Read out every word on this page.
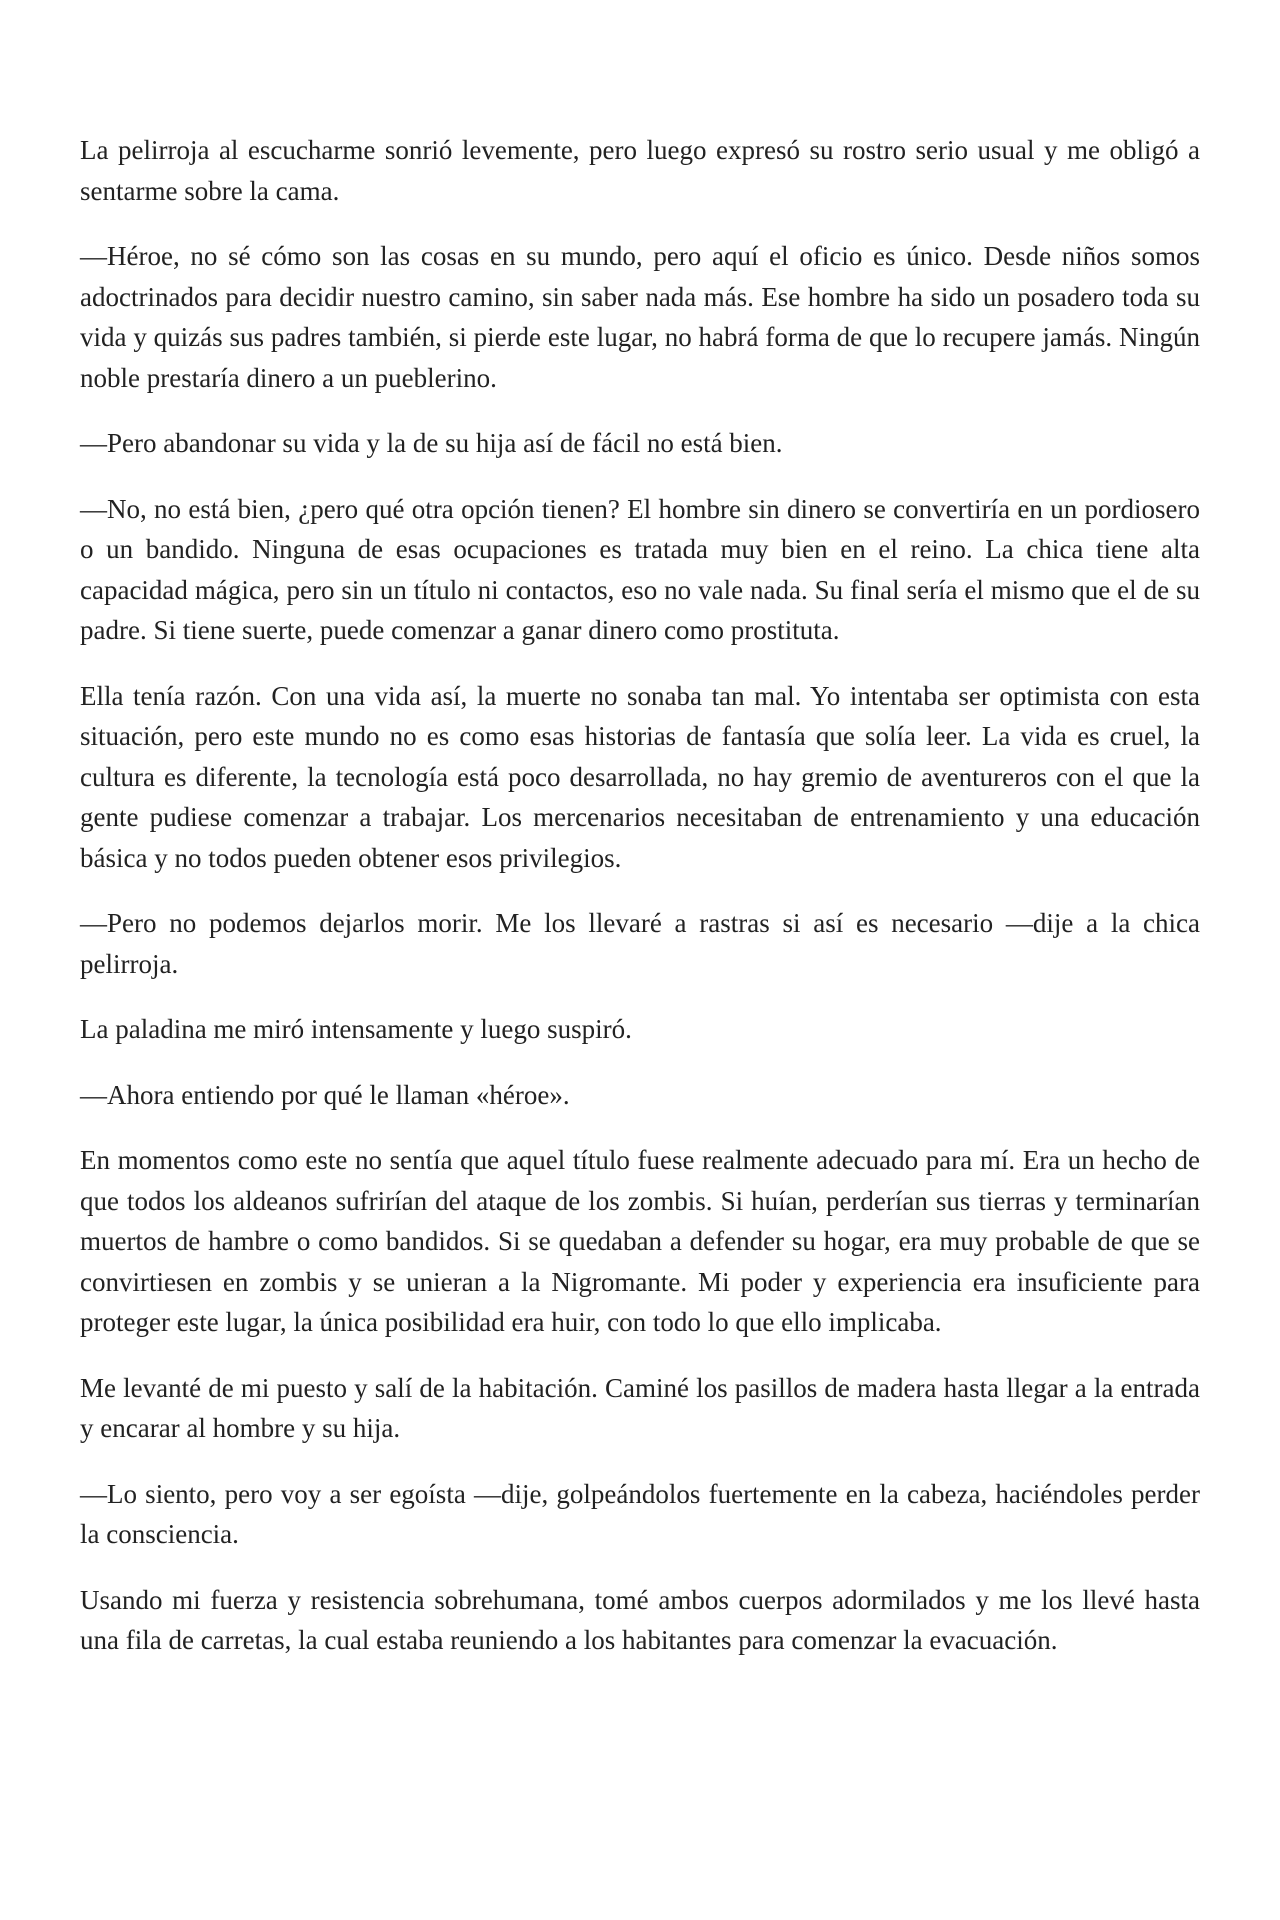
La pelirroja al escucharme sonrió levemente, pero luego expresó su rostro serio usual y me obligó a sentarme sobre la cama.

—Héroe, no sé cómo son las cosas en su mundo, pero aquí el oficio es único. Desde niños somos adoctrinados para decidir nuestro camino, sin saber nada más. Ese hombre ha sido un posadero toda su vida y quizás sus padres también, si pierde este lugar, no habrá forma de que lo recupere jamás. Ningún noble prestaría dinero a un pueblerino.

—Pero abandonar su vida y la de su hija así de fácil no está bien.

—No, no está bien, ¿pero qué otra opción tienen? El hombre sin dinero se convertiría en un pordiosero o un bandido. Ninguna de esas ocupaciones es tratada muy bien en el reino. La chica tiene alta capacidad mágica, pero sin un título ni contactos, eso no vale nada. Su final sería el mismo que el de su padre. Si tiene suerte, puede comenzar a ganar dinero como prostituta.

Ella tenía razón. Con una vida así, la muerte no sonaba tan mal. Yo intentaba ser optimista con esta situación, pero este mundo no es como esas historias de fantasía que solía leer. La vida es cruel, la cultura es diferente, la tecnología está poco desarrollada, no hay gremio de aventureros con el que la gente pudiese comenzar a trabajar. Los mercenarios necesitaban de entrenamiento y una educación básica y no todos pueden obtener esos privilegios.

—Pero no podemos dejarlos morir. Me los llevaré a rastras si así es necesario —dije a la chica pelirroja.

La paladina me miró intensamente y luego suspiró.

—Ahora entiendo por qué le llaman «héroe».

En momentos como este no sentía que aquel título fuese realmente adecuado para mí. Era un hecho de que todos los aldeanos sufrirían del ataque de los zombis. Si huían, perderían sus tierras y terminarían muertos de hambre o como bandidos. Si se quedaban a defender su hogar, era muy probable de que se convirtiesen en zombis y se unieran a la Nigromante. Mi poder y experiencia era insuficiente para proteger este lugar, la única posibilidad era huir, con todo lo que ello implicaba.

Me levanté de mi puesto y salí de la habitación. Caminé los pasillos de madera hasta llegar a la entrada y encarar al hombre y su hija.

—Lo siento, pero voy a ser egoísta —dije, golpeándolos fuertemente en la cabeza, haciéndoles perder la consciencia.

Usando mi fuerza y resistencia sobrehumana, tomé ambos cuerpos adormilados y me los llevé hasta una fila de carretas, la cual estaba reuniendo a los habitantes para comenzar la evacuación.
